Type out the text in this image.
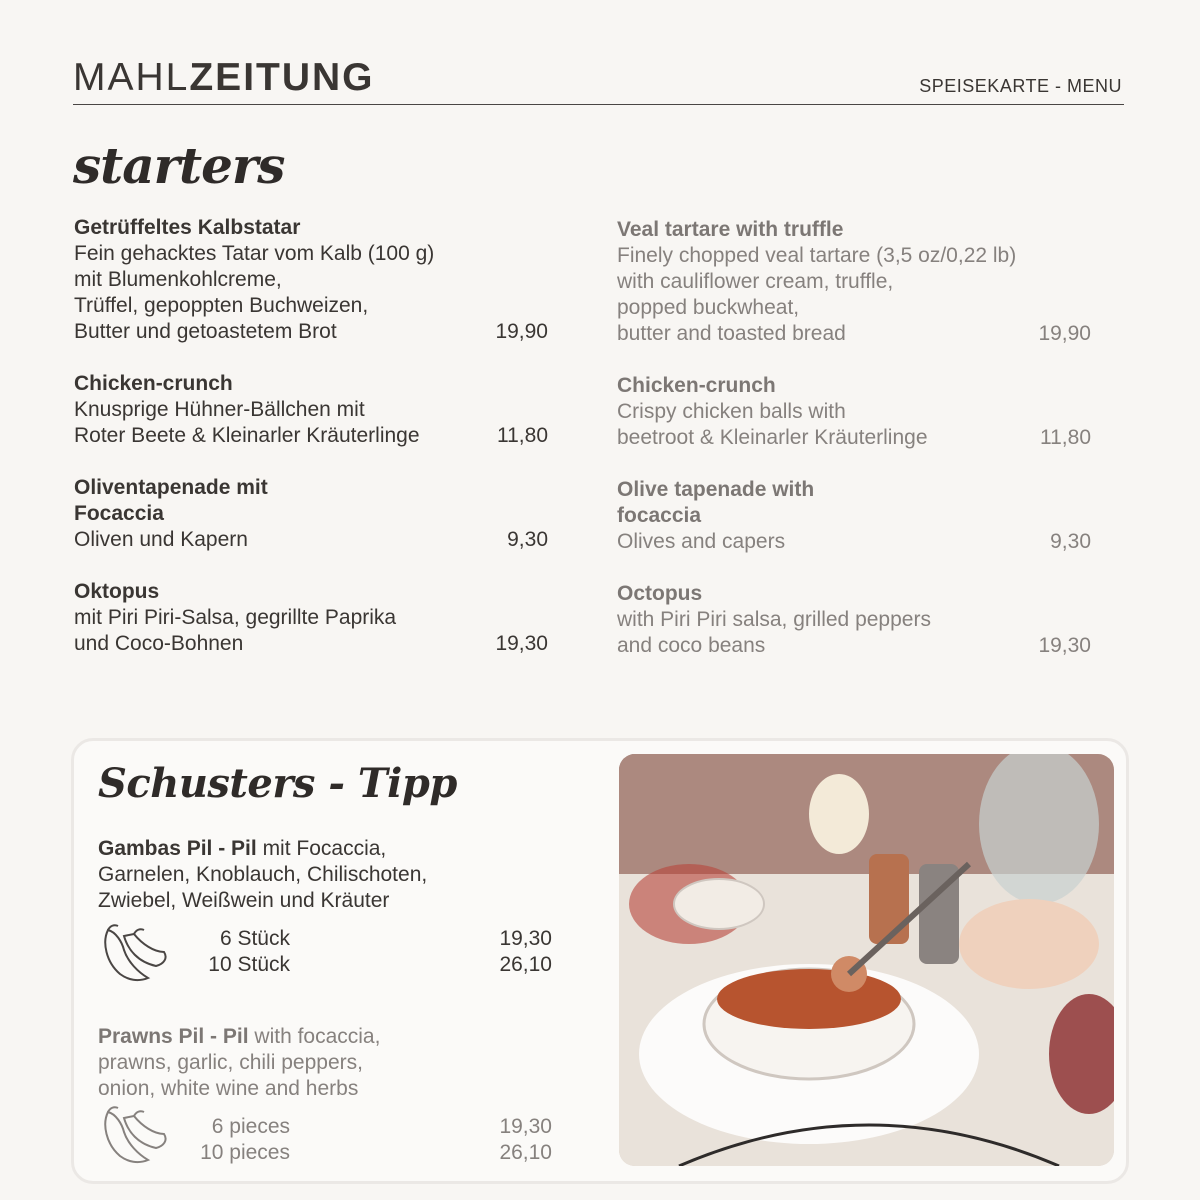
MAHLZEITUNG	SPEISEKARTE - MENU
starters
Getrüffeltes Kalbstatar
Fein gehacktes Tatar vom Kalb (100 g)
mit Blumenkohlcreme,
Trüffel, gepoppten Buchweizen,
Butter und getoastetem Brot	19,90
Chicken-crunch
Knusprige Hühner-Bällchen mit
Roter Beete & Kleinarler Kräuterlinge	11,80
Oliventapenade mit
Focaccia
Oliven und Kapern	9,30
Oktopus
mit Piri Piri-Salsa, gegrillte Paprika
und Coco-Bohnen	19,30
Veal tartare with truffle
Finely chopped veal tartare (3,5 oz/0,22 lb)
with cauliflower cream, truffle,
popped buckwheat,
butter and toasted bread	19,90
Chicken-crunch
Crispy chicken balls with
beetroot & Kleinarler Kräuterlinge	11,80
Olive tapenade with
focaccia
Olives and capers	9,30
Octopus
with Piri Piri salsa, grilled peppers
and coco beans	19,30
Schusters - Tipp
Gambas Pil - Pil mit Focaccia,
Garnelen, Knoblauch, Chilischoten,
Zwiebel, Weißwein und Kräuter
6 Stück	19,30
10 Stück	26,10
Prawns Pil - Pil with focaccia,
prawns, garlic, chili peppers,
onion, white wine and herbs
6 pieces	19,30
10 pieces	26,10
